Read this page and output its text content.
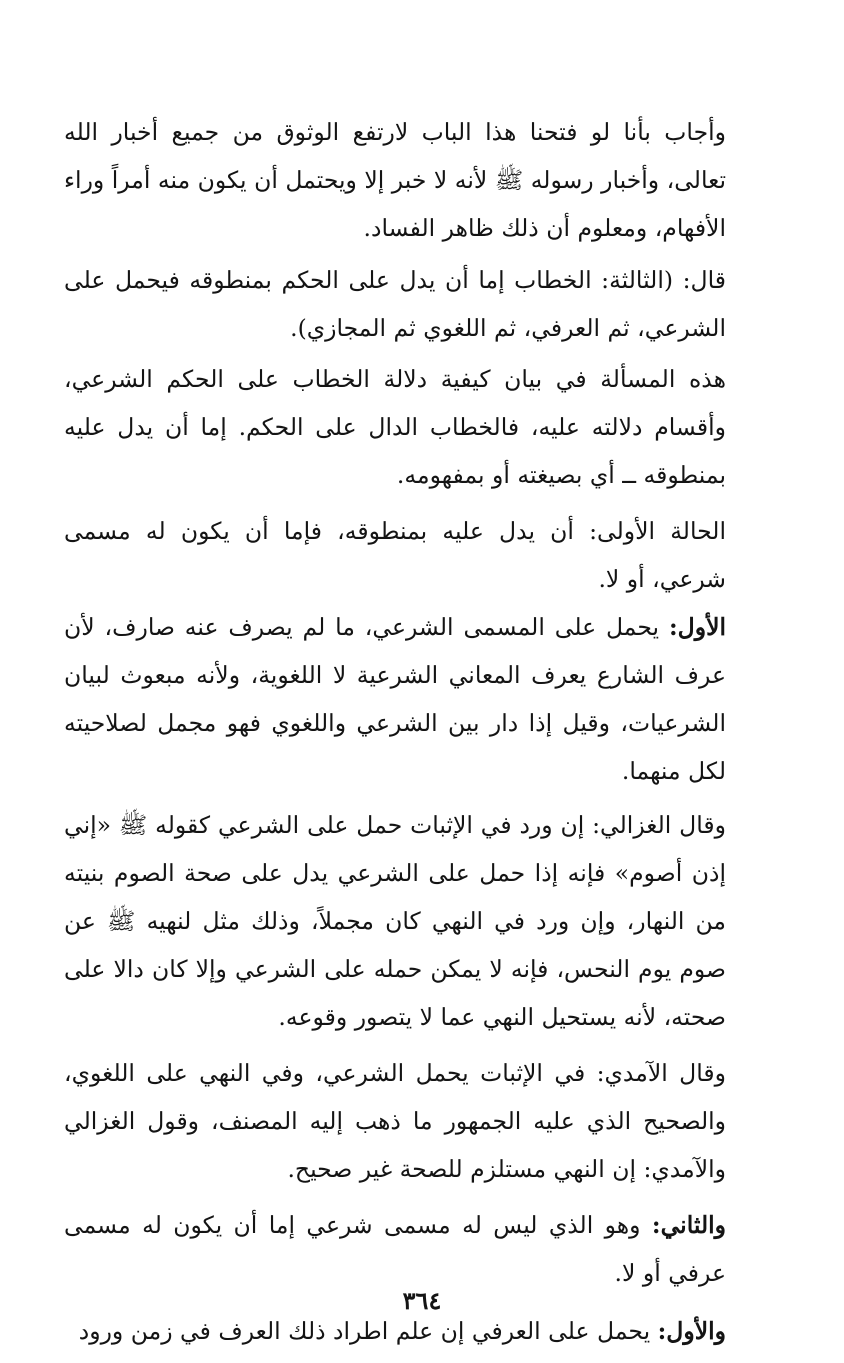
وأجاب بأنا لو فتحنا هذا الباب لارتفع الوثوق من جميع أخبار الله تعالى، وأخبار رسوله ﷺ لأنه لا خبر إلا ويحتمل أن يكون منه أمراً وراء الأفهام، ومعلوم أن ذلك ظاهر الفساد.

قال: (الثالثة: الخطاب إما أن يدل على الحكم بمنطوقه فيحمل على الشرعي، ثم العرفي، ثم اللغوي ثم المجازي).

هذه المسألة في بيان كيفية دلالة الخطاب على الحكم الشرعي، وأقسام دلالته عليه، فالخطاب الدال على الحكم. إما أن يدل عليه بمنطوقه ــ أي بصيغته أو بمفهومه.

الحالة الأولى: أن يدل عليه بمنطوقه، فإما أن يكون له مسمى شرعي، أو لا.

الأول: يحمل على المسمى الشرعي، ما لم يصرف عنه صارف، لأن عرف الشارع يعرف المعاني الشرعية لا اللغوية، ولأنه مبعوث لبيان الشرعيات، وقيل إذا دار بين الشرعي واللغوي فهو مجمل لصلاحيته لكل منهما.

وقال الغزالي: إن ورد في الإثبات حمل على الشرعي كقوله ﷺ «إني إذن أصوم» فإنه إذا حمل على الشرعي يدل على صحة الصوم بنيته من النهار، وإن ورد في النهي كان مجملاً، وذلك مثل لنهيه ﷺ عن صوم يوم النحس، فإنه لا يمكن حمله على الشرعي وإلا كان دالا على صحته، لأنه يستحيل النهي عما لا يتصور وقوعه.

وقال الآمدي: في الإثبات يحمل الشرعي، وفي النهي على اللغوي، والصحيح الذي عليه الجمهور ما ذهب إليه المصنف، وقول الغزالي والآمدي: إن النهي مستلزم للصحة غير صحيح.

والثاني: وهو الذي ليس له مسمى شرعي إما أن يكون له مسمى عرفي أو لا.

والأول: يحمل على العرفي إن علم اطراد ذلك العرف في زمن ورود

٣٦٤
